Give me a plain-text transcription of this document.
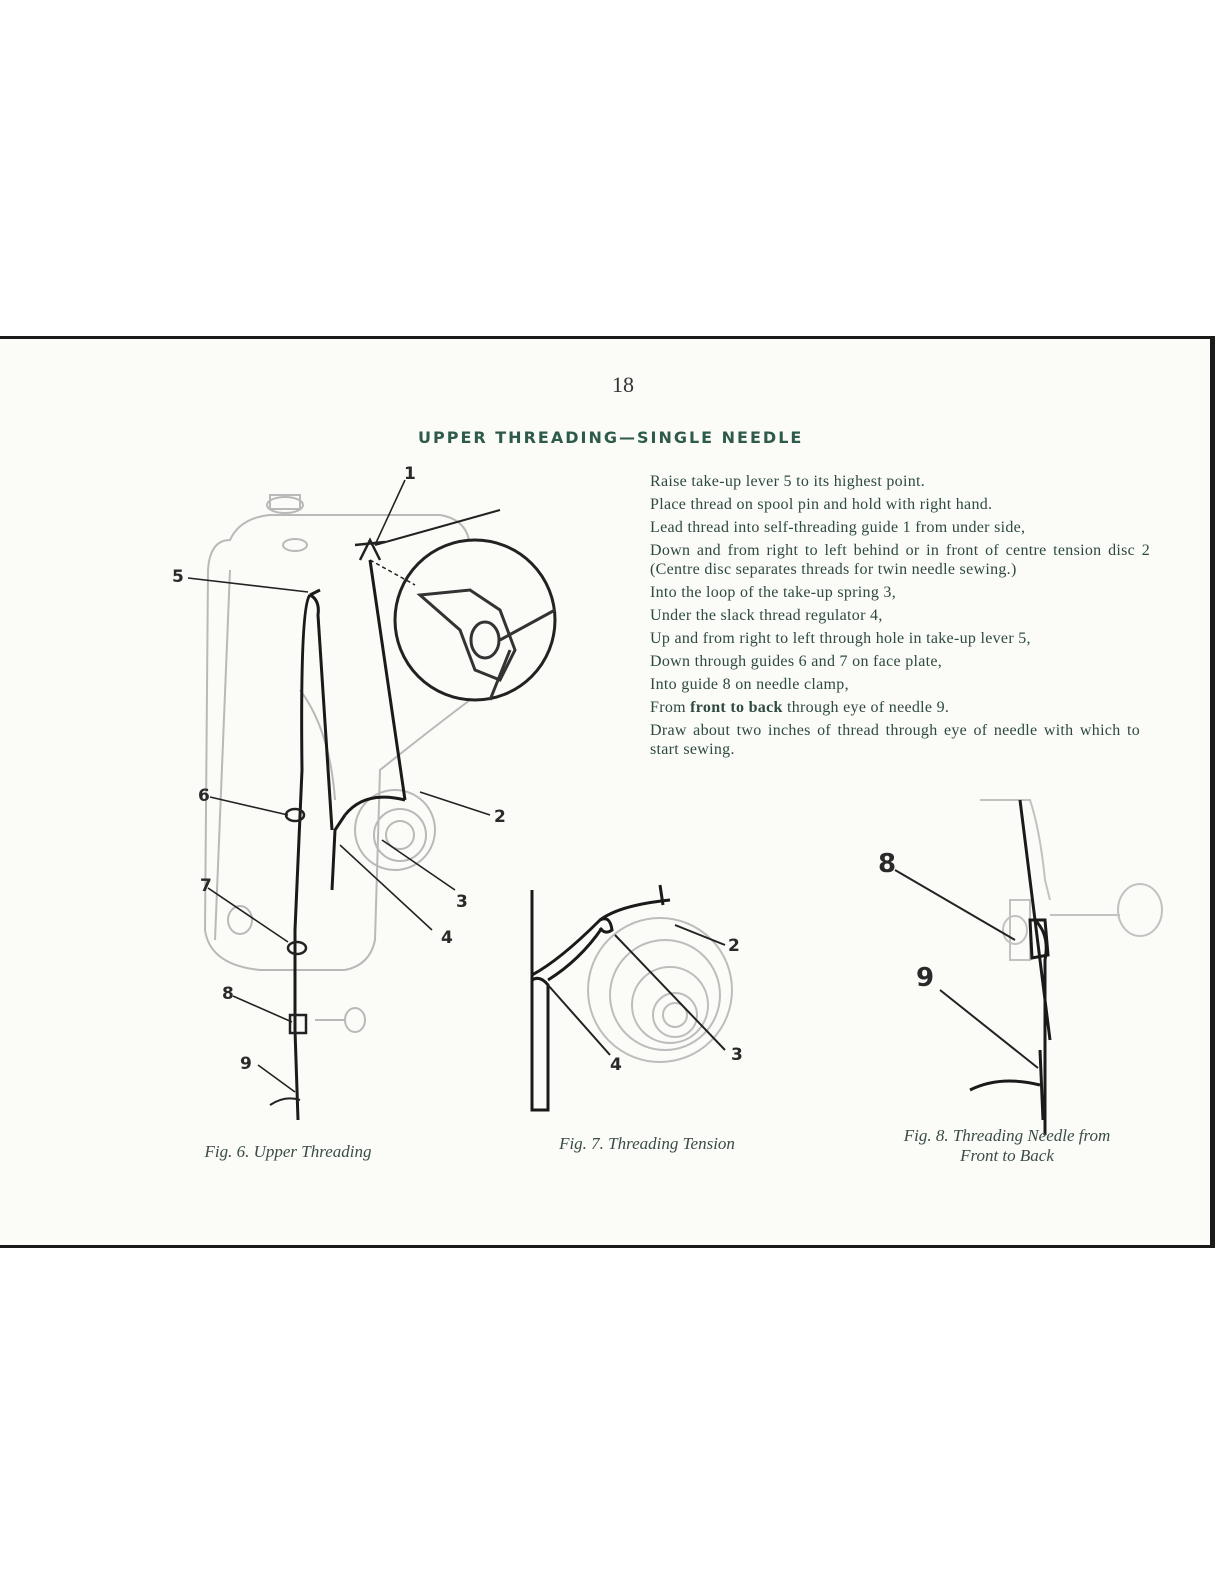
18
UPPER THREADING—SINGLE NEEDLE
Raise take-up lever 5 to its highest point.
Place thread on spool pin and hold with right hand.
Lead thread into self-threading guide 1 from under side,
Down and from right to left behind or in front of centre tension disc 2 (Centre disc separates threads for twin needle sewing.)
Into the loop of the take-up spring 3,
Under the slack thread regulator 4,
Up and from right to left through hole in take-up lever 5,
Down through guides 6 and 7 on face plate,
Into guide 8 on needle clamp,
From front to back through eye of needle 9.
Draw about two inches of thread through eye of needle with which to start sewing.
1
5
6
2
7
3
4
8
9
Fig. 6. Upper Threading
2
3
4
Fig. 7. Threading Tension
8
9
Fig. 8. Threading Needle from
Front to Back
